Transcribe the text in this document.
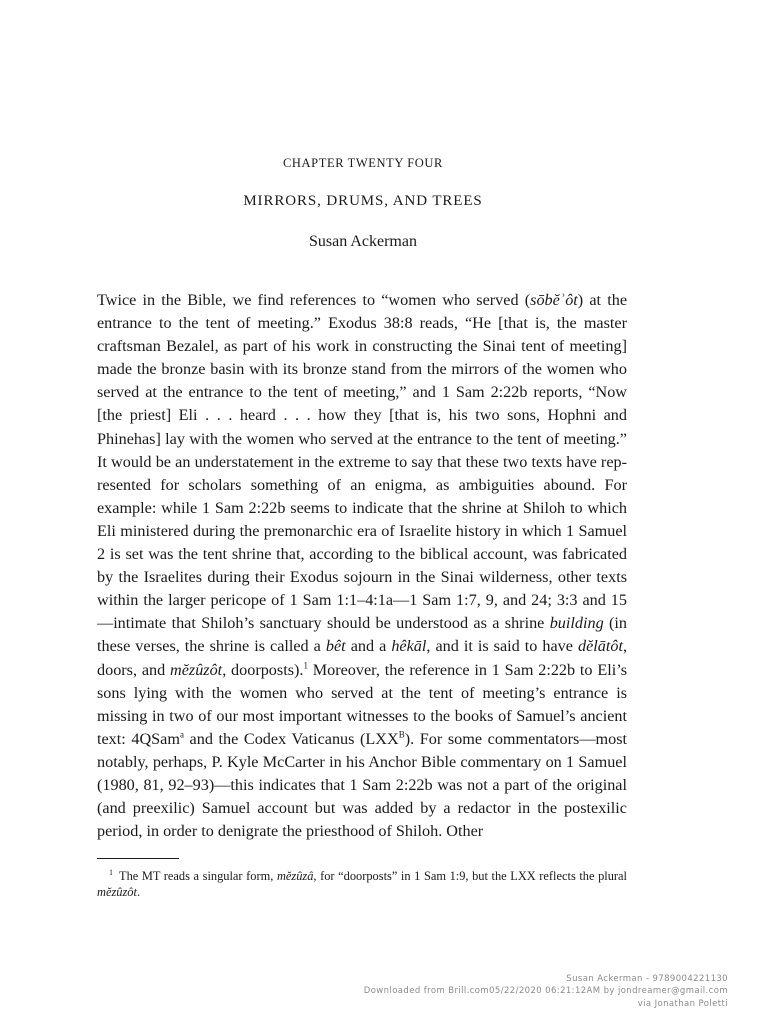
CHAPTER TWENTY FOUR
MIRRORS, DRUMS, AND TREES
Susan Ackerman

Twice in the Bible, we find references to “women who served (sōbĕʾôt) at the entrance to the tent of meeting.” Exodus 38:8 reads, “He [that is, the master craftsman Bezalel, as part of his work in constructing the Sinai tent of meeting] made the bronze basin with its bronze stand from the mirrors of the women who served at the entrance to the tent of meeting,” and 1 Sam 2:22b reports, “Now [the priest] Eli . . . heard . . . how they [that is, his two sons, Hophni and Phinehas] lay with the women who served at the entrance to the tent of meeting.” It would be an understatement in the extreme to say that these two texts have represented for scholars something of an enigma, as ambiguities abound. For example: while 1 Sam 2:22b seems to indicate that the shrine at Shiloh to which Eli ministered during the premonarchic era of Israelite history in which 1 Samuel 2 is set was the tent shrine that, according to the biblical account, was fabricated by the Israelites during their Exodus sojourn in the Sinai wilderness, other texts within the larger pericope of 1 Sam 1:1–4:1a—1 Sam 1:7, 9, and 24; 3:3 and 15—intimate that Shiloh’s sanctuary should be understood as a shrine building (in these verses, the shrine is called a bêt and a hêkāl, and it is said to have dĕlātôt, doors, and mĕzûzôt, doorposts).$^1$ Moreover, the reference in 1 Sam 2:22b to Eli’s sons lying with the women who served at the tent of meeting’s entrance is missing in two of our most important witnesses to the books of Samuel’s ancient text: 4QSam$^a$ and the Codex Vaticanus $(LXX^B)$. For some commentators—most notably, perhaps, P. Kyle McCarter in his Anchor Bible commentary on 1 Samuel (1980, 81, 92–93)—this indicates that 1 Sam 2:22b was not a part of the original (and preexilic) Samuel account but was added by a redactor in the postexilic period, in order to denigrate the priesthood of Shiloh. Other

$^1$ The MT reads a singular form, mĕzûzâ, for “doorposts” in 1 Sam 1:9, but the LXX reflects the plural mĕzûzôt.
Susan Ackerman - 9789004221130
Downloaded from Brill.com05/22/2020 06:21:12AM by jondreamer@gmail.com
via Jonathan Poletti
